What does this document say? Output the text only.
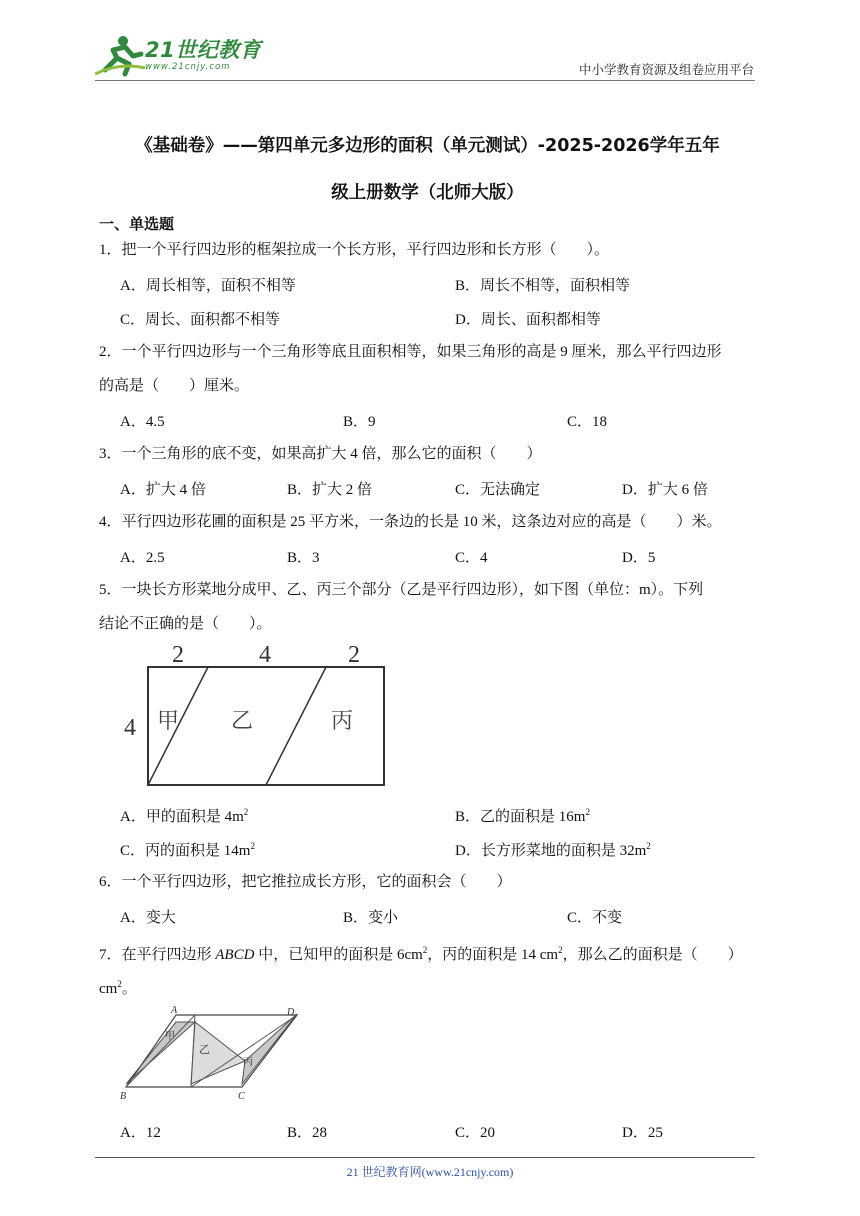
21世纪教育
www.21cnjy.com	中小学教育资源及组卷应用平台
《基础卷》——第四单元多边形的面积（单元测试）-2025-2026学年五年
级上册数学（北师大版）
一、单选题
1．把一个平行四边形的框架拉成一个长方形，平行四边形和长方形（　　）。
A．周长相等，面积不相等	B．周长不相等，面积相等
C．周长、面积都不相等	D．周长、面积都相等
2．一个平行四边形与一个三角形等底且面积相等，如果三角形的高是 9 厘米，那么平行四边形
的高是（　　）厘米。
A．4.5	B．9	C．18
3．一个三角形的底不变，如果高扩大 4 倍，那么它的面积（　　）
A．扩大 4 倍	B．扩大 2 倍	C．无法确定	D．扩大 6 倍
4．平行四边形花圃的面积是 25 平方米，一条边的长是 10 米，这条边对应的高是（　　）米。
A．2.5	B．3	C．4	D．5
5．一块长方形菜地分成甲、乙、丙三个部分（乙是平行四边形），如下图（单位：m）。下列
结论不正确的是（　　）。
2	4	2
4 甲 乙	丙
A．甲的面积是 $4m^2$	B．乙的面积是 $16m^2$
C．丙的面积是 $14m^2$	D．长方形菜地的面积是 $32m^2$
6．一个平行四边形，把它推拉成长方形，它的面积会（　　）
A．变大	B．变小	C．不变
7．在平行四边形 ABCD 中，已知甲的面积是 $6cm^2$，丙的面积是 14 $cm^2$，那么乙的面积是（　　）
$cm^2$。
A	D
B	C
甲
乙
丙
A．12	B．28	C．20	D．25
21 世纪教育网(www.21cnjy.com)
